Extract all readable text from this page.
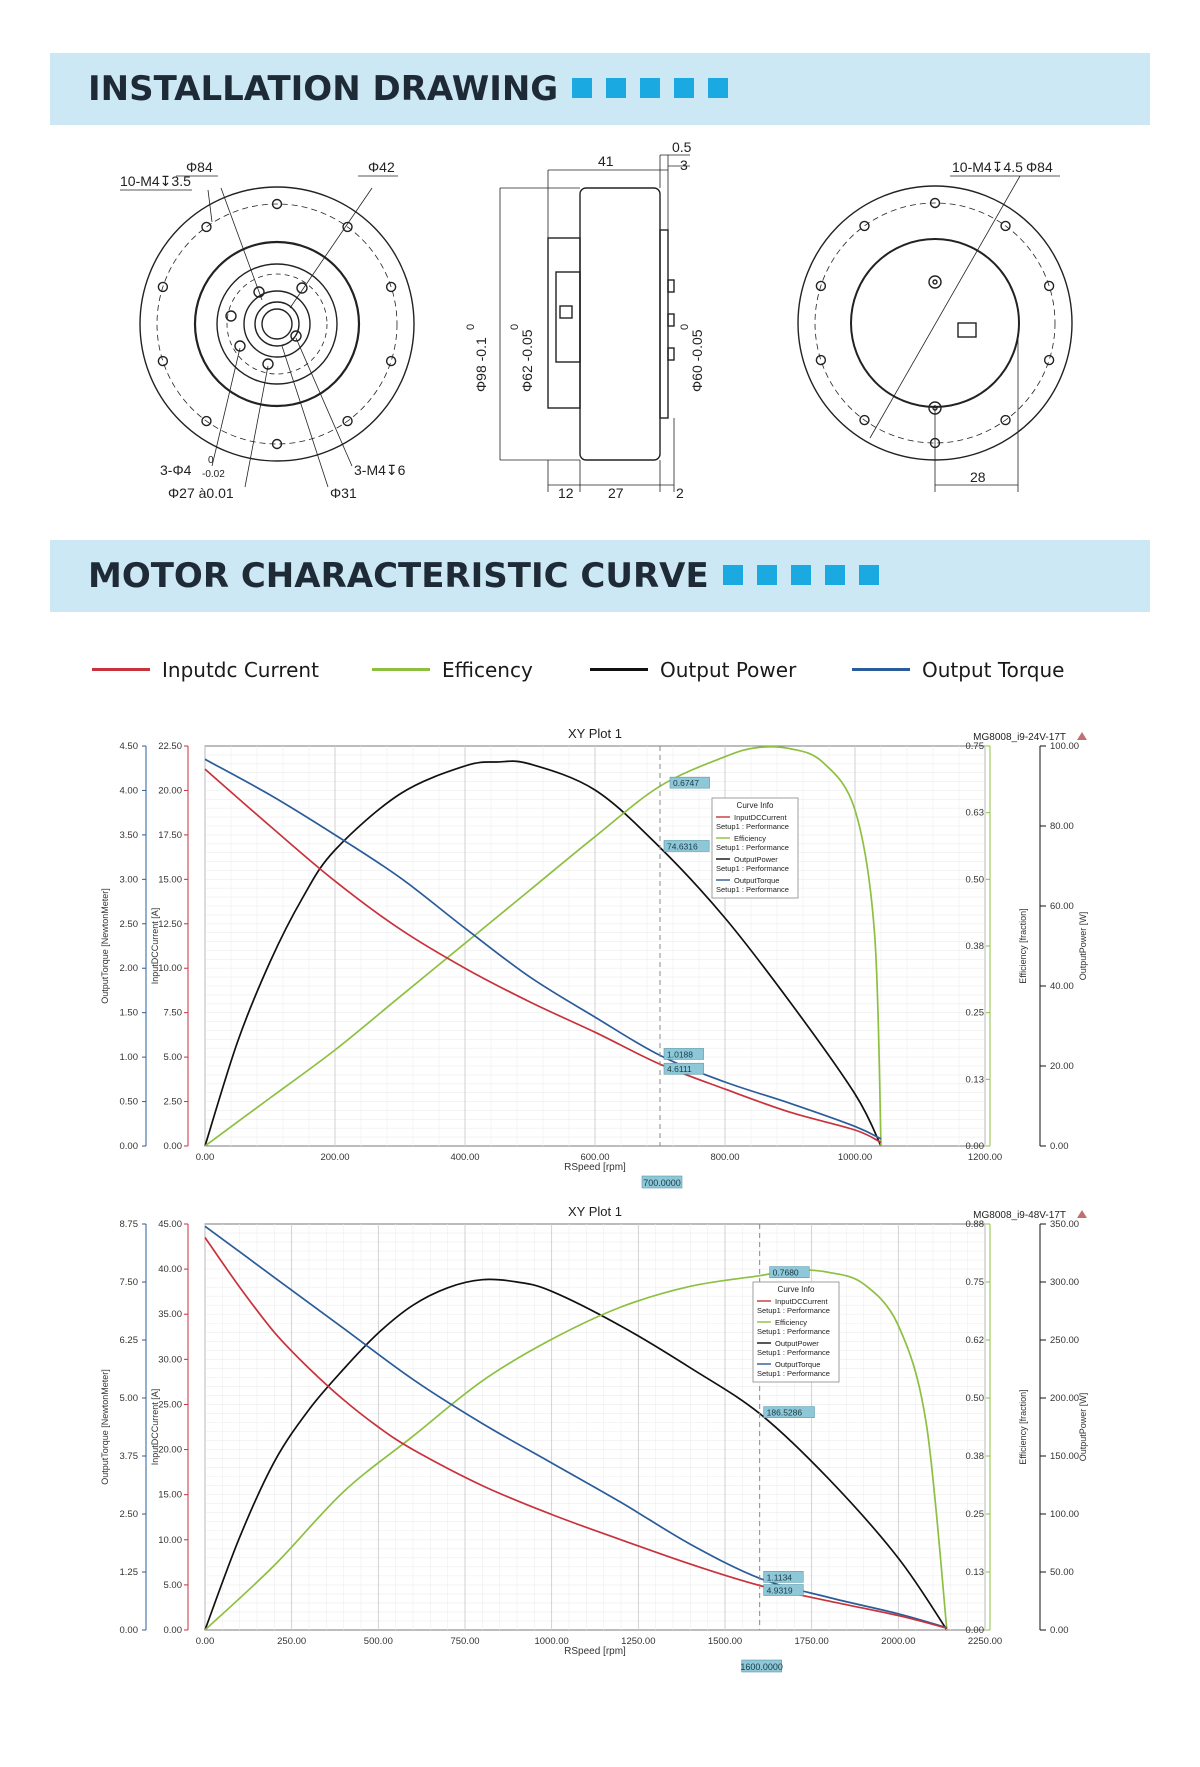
INSTALLATION DRAWING
Φ84	Φ42
10-M4↧3.5
3-Φ4
0
-0.02	3-M4↧6
Φ27 à0.01	Φ31
41
0.5
3
12 27	2
Φ98 -0.1
0
Φ62 -0.05
0
Φ60 -0.05
0
10-M4↧4.5 Φ84
28
MOTOR CHARACTERISTIC CURVE
Inputdc Current	Efficency	Output Power	Output Torque
0.00	200.00	400.00	600.00	800.00	1000.00	1200.00
0.00
0.50
1.00
1.50
2.00
2.50
3.00
3.50
4.00
4.50
0.00
2.50
5.00
7.50
10.00
12.50
15.00
17.50
20.00
22.50
0.00
0.13
0.25
0.38
0.50
0.63
0.75
0.00
20.00
40.00
60.00
80.00
100.00
OutputTorque [NewtonMeter]	InputDCCurrent [A]	Efficiency [fraction]	OutputPower [W]
RSpeed [rpm]
XY Plot 1	MG8008_i9-24V-17T
700.0000
0.6747
74.6316
1.0188
4.6111
Curve Info
InputDCCurrent
Setup1 : Performance
Efficiency
Setup1 : Performance
OutputPower
Setup1 : Performance
OutputTorque
Setup1 : Performance
0.00	250.00	500.00	750.00	1000.00	1250.00	1500.00	1750.00	2000.00	2250.00
0.00
1.25
2.50
3.75
5.00
6.25
7.50
8.75
0.00
5.00
10.00
15.00
20.00
25.00
30.00
35.00
40.00
45.00
0.00
0.13
0.25
0.38
0.50
0.62
0.75
0.88
0.00
50.00
100.00
150.00
200.00
250.00
300.00
350.00
OutputTorque [NewtonMeter]	InputDCCurrent [A]	Efficiency [fraction]	OutputPower [W]
RSpeed [rpm]
XY Plot 1	MG8008_i9-48V-17T
1600.0000
0.7680
186.5286
1.1134
4.9319
Curve Info
InputDCCurrent
Setup1 : Performance
Efficiency
Setup1 : Performance
OutputPower
Setup1 : Performance
OutputTorque
Setup1 : Performance
